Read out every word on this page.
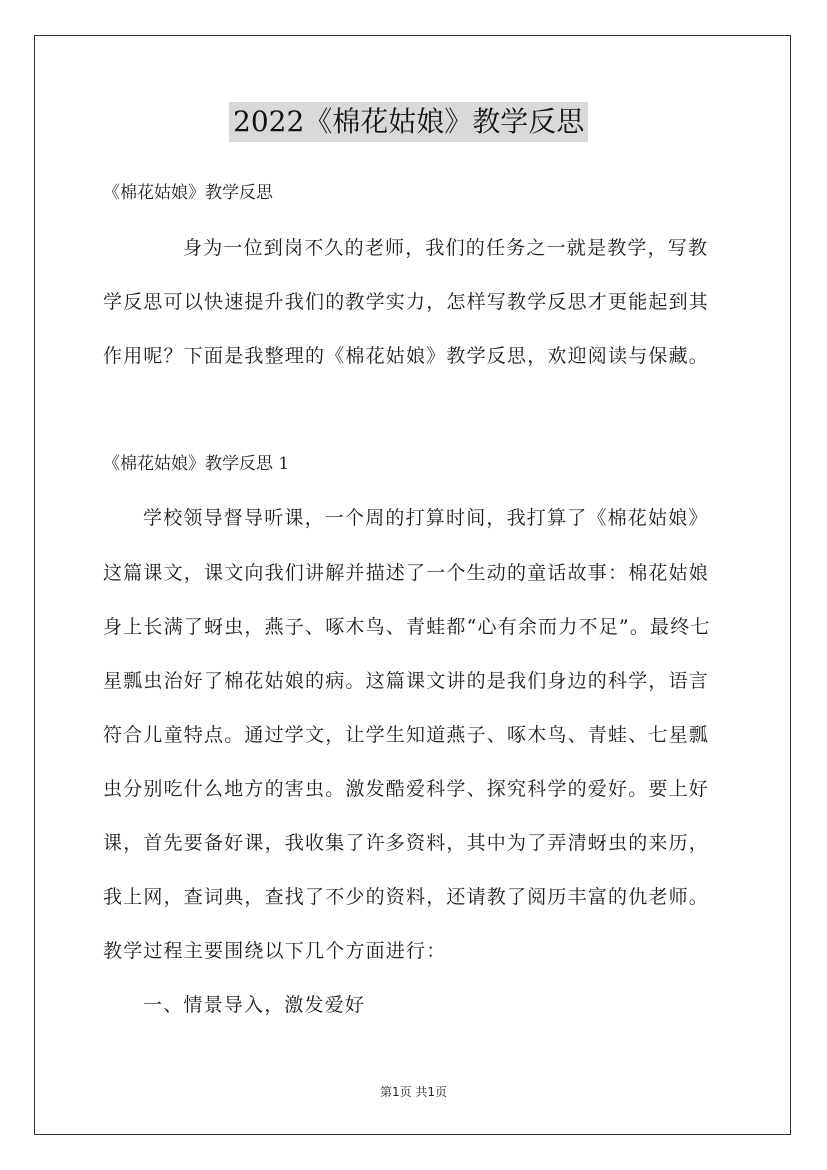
2022《棉花姑娘》教学反思
《棉花姑娘》教学反思
身为一位到岗不久的老师，我们的任务之一就是教学，写教
学反思可以快速提升我们的教学实力，怎样写教学反思才更能起到其
作用呢？下面是我整理的《棉花姑娘》教学反思，欢迎阅读与保藏。
《棉花姑娘》教学反思 1
学校领导督导听课，一个周的打算时间，我打算了《棉花姑娘》
这篇课文，课文向我们讲解并描述了一个生动的童话故事：棉花姑娘
身上长满了蚜虫，燕子、啄木鸟、青蛙都“心有余而力不足”。最终七
星瓢虫治好了棉花姑娘的病。这篇课文讲的是我们身边的科学，语言
符合儿童特点。通过学文，让学生知道燕子、啄木鸟、青蛙、七星瓢
虫分别吃什么地方的害虫。激发酷爱科学、探究科学的爱好。要上好
课，首先要备好课，我收集了许多资料，其中为了弄清蚜虫的来历，
我上网，查词典，查找了不少的资料，还请教了阅历丰富的仇老师。
教学过程主要围绕以下几个方面进行：
一、情景导入，激发爱好
第1页 共1页
